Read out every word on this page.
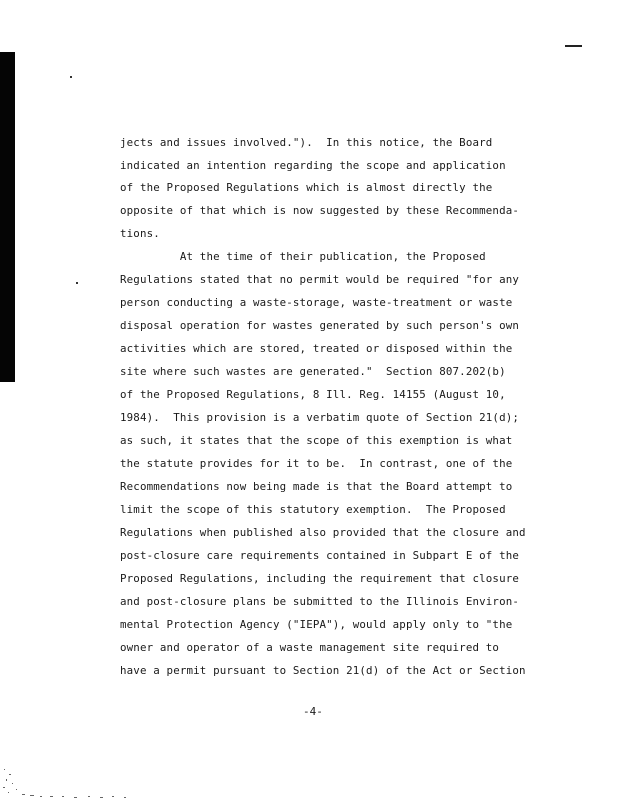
jects and issues involved.").  In this notice, the Board
indicated an intention regarding the scope and application
of the Proposed Regulations which is almost directly the
opposite of that which is now suggested by these Recommenda-
tions.
At the time of their publication, the Proposed
Regulations stated that no permit would be required "for any
person conducting a waste-storage, waste-treatment or waste
disposal operation for wastes generated by such person's own
activities which are stored, treated or disposed within the
site where such wastes are generated."  Section 807.202(b)
of the Proposed Regulations, 8 Ill. Reg. 14155 (August 10,
1984).  This provision is a verbatim quote of Section 21(d);
as such, it states that the scope of this exemption is what
the statute provides for it to be.  In contrast, one of the
Recommendations now being made is that the Board attempt to
limit the scope of this statutory exemption.  The Proposed
Regulations when published also provided that the closure and
post-closure care requirements contained in Subpart E of the
Proposed Regulations, including the requirement that closure
and post-closure plans be submitted to the Illinois Environ-
mental Protection Agency ("IEPA"), would apply only to "the
owner and operator of a waste management site required to
have a permit pursuant to Section 21(d) of the Act or Section
-4-
